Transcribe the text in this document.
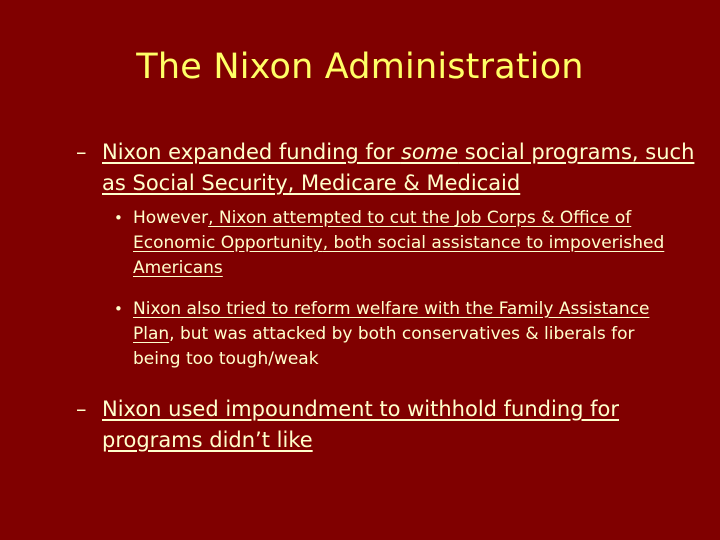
The Nixon Administration
– Nixon expanded funding for some social programs, such as Social Security, Medicare & Medicaid
• However, Nixon attempted to cut the Job Corps & Office of Economic Opportunity, both social assistance to impoverished Americans
• Nixon also tried to reform welfare with the Family Assistance Plan, but was attacked by both conservatives & liberals for being too tough/weak
– Nixon used impoundment to withhold funding for programs didn’t like
